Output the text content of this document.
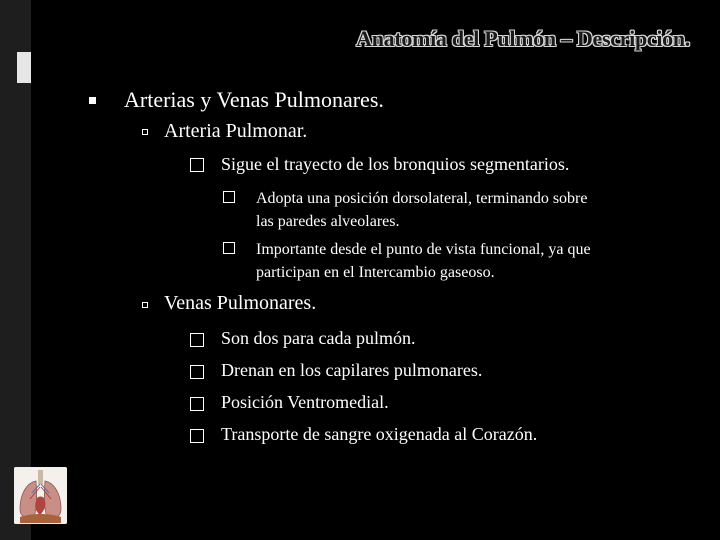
Anatomía del Pulmón – Descripción.
Arterias y Venas Pulmonares.
Arteria Pulmonar.
Sigue el trayecto de los bronquios segmentarios.
Adopta una posición dorsolateral, terminando sobre
las paredes alveolares.
Importante desde el punto de vista funcional, ya que
participan en el Intercambio gaseoso.
Venas Pulmonares.
Son dos para cada pulmón.
Drenan en los capilares pulmonares.
Posición Ventromedial.
Transporte de sangre oxigenada al Corazón.
